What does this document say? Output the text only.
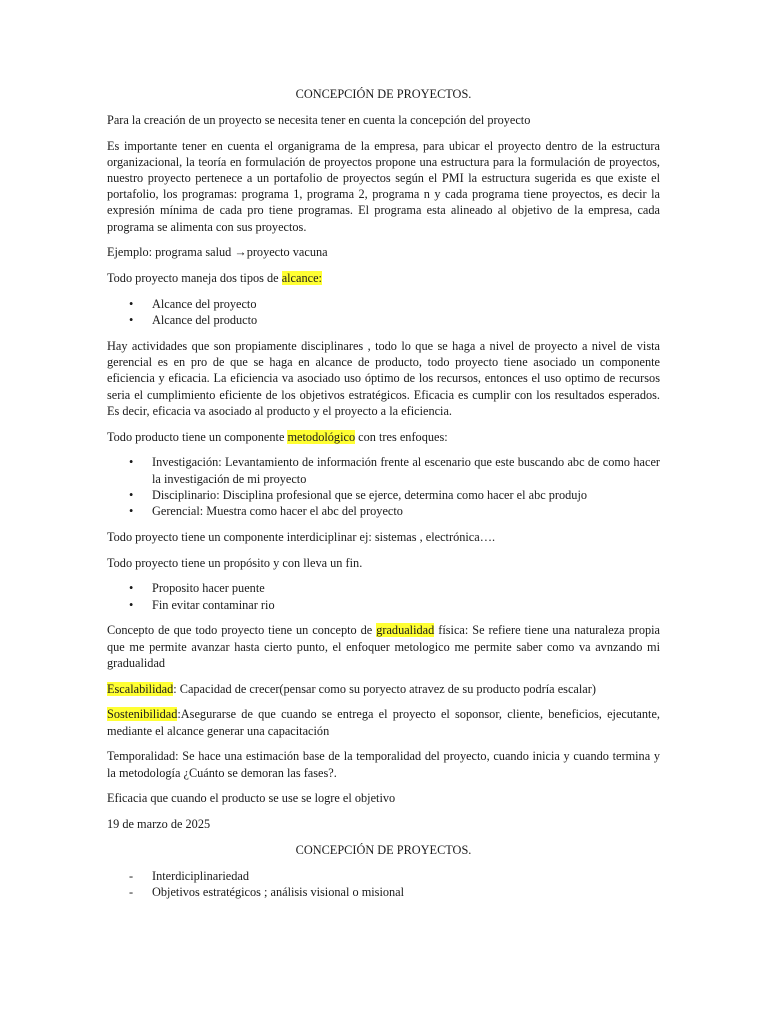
CONCEPCIÓN DE PROYECTOS.

Para la creación de un proyecto se necesita tener en cuenta la concepción del proyecto

Es importante tener en cuenta el organigrama de la empresa, para ubicar el proyecto dentro de la estructura organizacional, la teoría en formulación de proyectos propone una estructura para la formulación de proyectos, nuestro proyecto pertenece a un portafolio de proyectos según el PMI la estructura sugerida es que existe el portafolio, los programas: programa 1, programa 2, programa n y cada programa tiene proyectos, es decir la expresión mínima de cada pro tiene programas. El programa esta alineado al objetivo de la empresa, cada programa se alimenta con sus proyectos.

Ejemplo: programa salud →proyecto vacuna

Todo proyecto maneja dos tipos de alcance:

• Alcance del proyecto
• Alcance del producto

Hay actividades que son propiamente disciplinares , todo lo que se haga a nivel de proyecto a nivel de vista gerencial es en pro de que se haga en alcance de producto, todo proyecto tiene asociado un componente eficiencia y eficacia. La eficiencia va asociado uso óptimo de los recursos, entonces el uso optimo de recursos seria el cumplimiento eficiente de los objetivos estratégicos. Eficacia es cumplir con los resultados esperados. Es decir, eficacia va asociado al producto y el proyecto a la eficiencia.

Todo producto tiene un componente metodológico con tres enfoques:

• Investigación: Levantamiento de información frente al escenario que este buscando abc de como hacer la investigación de mi proyecto
• Disciplinario: Disciplina profesional que se ejerce, determina como hacer el abc produjo
• Gerencial: Muestra como hacer el abc del proyecto

Todo proyecto tiene un componente interdiciplinar ej: sistemas , electrónica….

Todo proyecto tiene un propósito y con lleva un fin.

• Proposito hacer puente
• Fin evitar contaminar rio

Concepto de que todo proyecto tiene un concepto de gradualidad física: Se refiere tiene una naturaleza propia que me permite avanzar hasta cierto punto, el enfoquer metologico me permite saber como va avnzando mi gradualidad

Escalabilidad: Capacidad de crecer(pensar como su poryecto atravez de su producto podría escalar)

Sostenibilidad:Asegurarse de que cuando se entrega el proyecto el soponsor, cliente, beneficios, ejecutante, mediante el alcance generar una capacitación

Temporalidad: Se hace una estimación base de la temporalidad del proyecto, cuando inicia y cuando termina y la metodología ¿Cuánto se demoran las fases?.

Eficacia que cuando el producto se use se logre el objetivo

19 de marzo de 2025

CONCEPCIÓN DE PROYECTOS.

- Interdiciplinariedad
- Objetivos estratégicos ; análisis visional o misional
